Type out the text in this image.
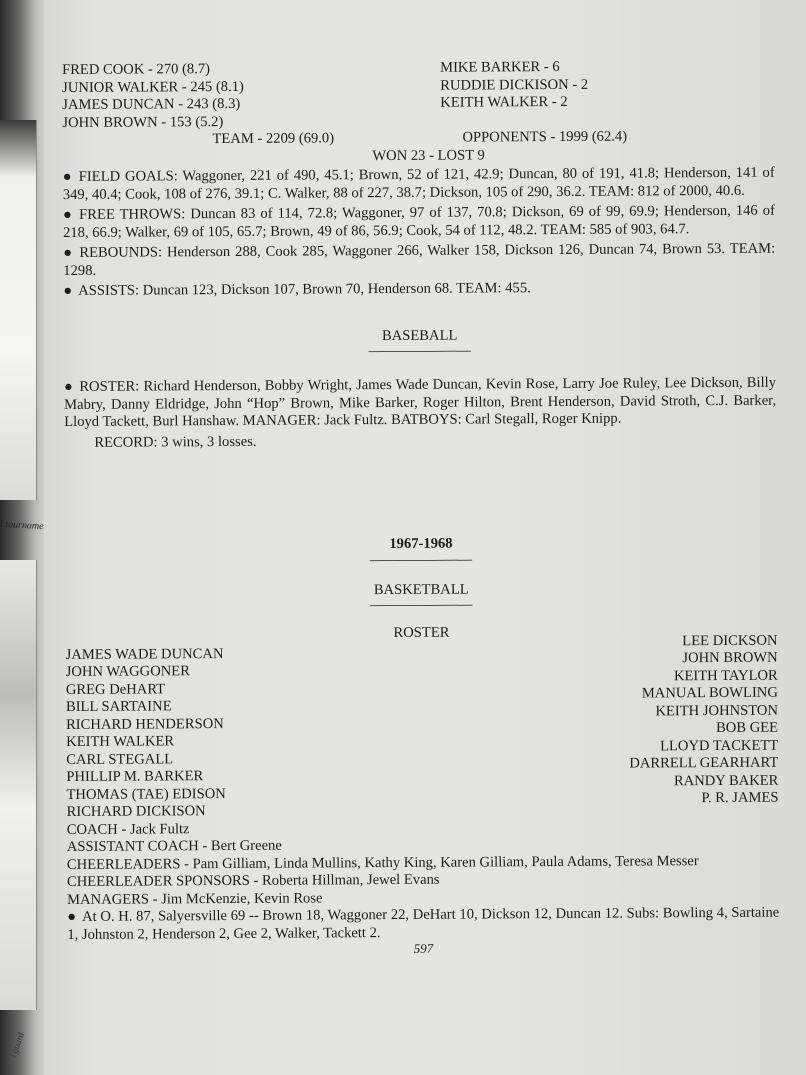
l tourname
l guard
FRED COOK - 270 (8.7)
JUNIOR WALKER - 245 (8.1)
JAMES DUNCAN - 243 (8.3)
JOHN BROWN - 153 (5.2)
MIKE BARKER - 6
RUDDIE DICKISON - 2
KEITH WALKER - 2
TEAM - 2209 (69.0)	OPPONENTS - 1999 (62.4)
WON 23 - LOST 9
● FIELD GOALS: Waggoner, 221 of 490, 45.1; Brown, 52 of 121, 42.9; Duncan, 80 of 191, 41.8; Henderson, 141 of 349, 40.4; Cook, 108 of 276, 39.1; C. Walker, 88 of 227, 38.7; Dickson, 105 of 290, 36.2. TEAM: 812 of 2000, 40.6.
● FREE THROWS: Duncan 83 of 114, 72.8; Waggoner, 97 of 137, 70.8; Dickson, 69 of 99, 69.9; Henderson, 146 of 218, 66.9; Walker, 69 of 105, 65.7; Brown, 49 of 86, 56.9; Cook, 54 of 112, 48.2. TEAM: 585 of 903, 64.7.
● REBOUNDS: Henderson 288, Cook 285, Waggoner 266, Walker 158, Dickson 126, Duncan 74, Brown 53. TEAM: 1298.
● ASSISTS: Duncan 123, Dickson 107, Brown 70, Henderson 68. TEAM: 455.
BASEBALL
———————
● ROSTER: Richard Henderson, Bobby Wright, James Wade Duncan, Kevin Rose, Larry Joe Ruley, Lee Dickson, Billy Mabry, Danny Eldridge, John “Hop” Brown, Mike Barker, Roger Hilton, Brent Henderson, David Stroth, C.J. Barker, Lloyd Tackett, Burl Hanshaw. MANAGER: Jack Fultz. BATBOYS: Carl Stegall, Roger Knipp.
RECORD: 3 wins, 3 losses.
1967-1968
———————
BASKETBALL
———————
ROSTER
JAMES WADE DUNCAN
JOHN WAGGONER
GREG DeHART
BILL SARTAINE
RICHARD HENDERSON
KEITH WALKER
CARL STEGALL
PHILLIP M. BARKER
THOMAS (TAE) EDISON
RICHARD DICKISON
LEE DICKSON
JOHN BROWN
KEITH TAYLOR
MANUAL BOWLING
KEITH JOHNSTON
BOB GEE
LLOYD TACKETT
DARRELL GEARHART
RANDY BAKER
P. R. JAMES
COACH - Jack Fultz
ASSISTANT COACH - Bert Greene
CHEERLEADERS - Pam Gilliam, Linda Mullins, Kathy King, Karen Gilliam, Paula Adams, Teresa Messer
CHEERLEADER SPONSORS - Roberta Hillman, Jewel Evans
MANAGERS - Jim McKenzie, Kevin Rose
● At O. H. 87, Salyersville 69 -- Brown 18, Waggoner 22, DeHart 10, Dickson 12, Duncan 12. Subs: Bowling 4, Sartaine 1, Johnston 2, Henderson 2, Gee 2, Walker, Tackett 2.
597
